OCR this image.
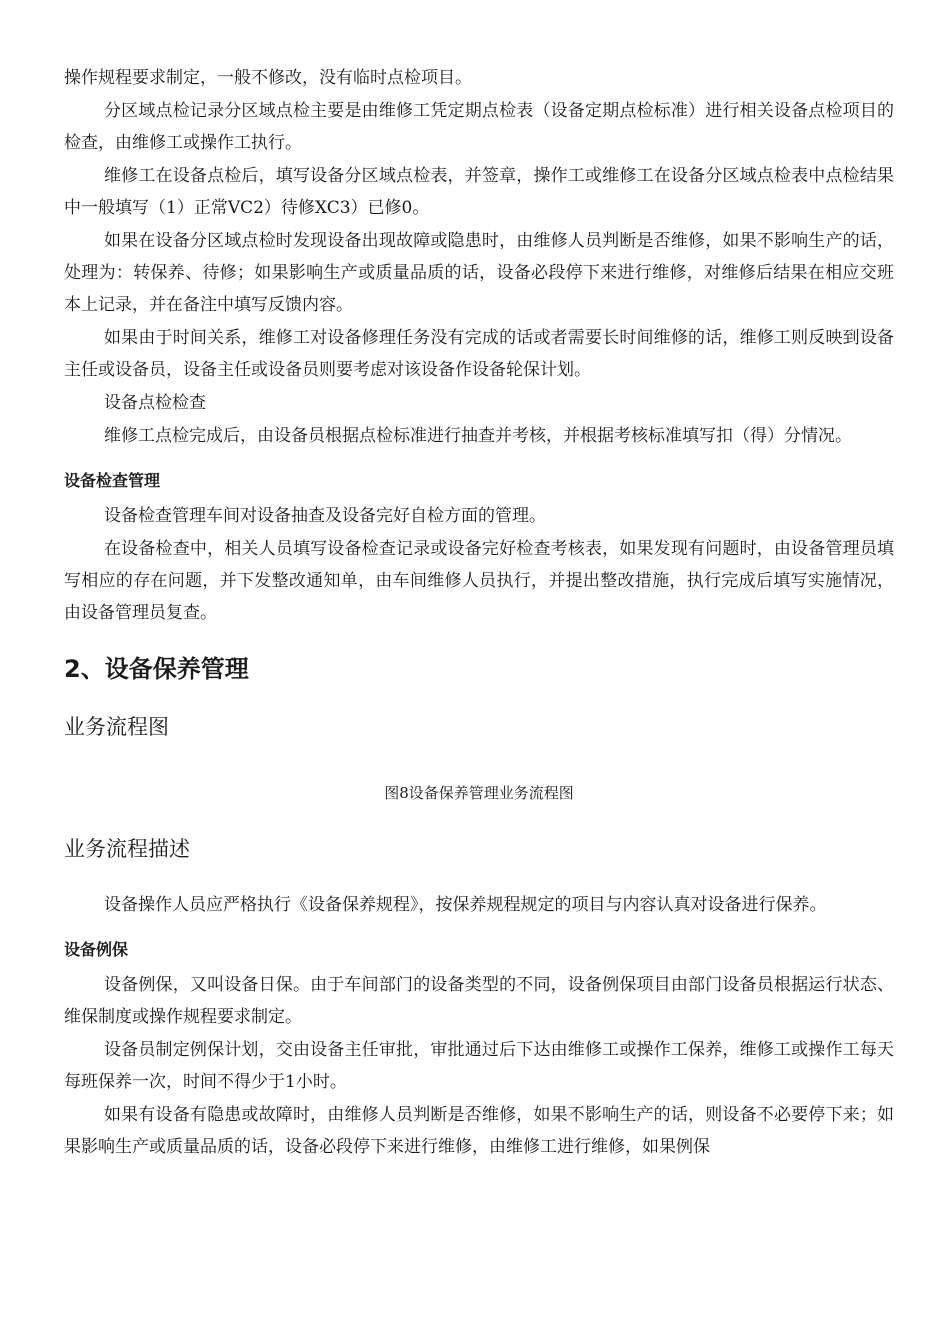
操作规程要求制定，一般不修改，没有临时点检项目。

分区域点检记录分区域点检主要是由维修工凭定期点检表（设备定期点检标准）进行相关设备点检项目的检查，由维修工或操作工执行。

维修工在设备点检后，填写设备分区域点检表，并签章，操作工或维修工在设备分区域点检表中点检结果中一般填写（1）正常VC2）待修XC3）已修0。

如果在设备分区域点检时发现设备出现故障或隐患时，由维修人员判断是否维修，如果不影响生产的话，处理为：转保养、待修；如果影响生产或质量品质的话，设备必段停下来进行维修，对维修后结果在相应交班本上记录，并在备注中填写反馈内容。

如果由于时间关系，维修工对设备修理任务没有完成的话或者需要长时间维修的话，维修工则反映到设备主任或设备员，设备主任或设备员则要考虑对该设备作设备轮保计划。

设备点检检查

维修工点检完成后，由设备员根据点检标准进行抽查并考核，并根据考核标准填写扣（得）分情况。

设备检查管理

设备检查管理车间对设备抽查及设备完好自检方面的管理。

在设备检查中，相关人员填写设备检查记录或设备完好检查考核表，如果发现有问题时，由设备管理员填写相应的存在问题，并下发整改通知单，由车间维修人员执行，并提出整改措施，执行完成后填写实施情况，由设备管理员复查。

2、设备保养管理
业务流程图
图8设备保养管理业务流程图
业务流程描述

设备操作人员应严格执行《设备保养规程》，按保养规程规定的项目与内容认真对设备进行保养。

设备例保

设备例保，又叫设备日保。由于车间部门的设备类型的不同，设备例保项目由部门设备员根据运行状态、维保制度或操作规程要求制定。

设备员制定例保计划，交由设备主任审批，审批通过后下达由维修工或操作工保养，维修工或操作工每天每班保养一次，时间不得少于1小时。

如果有设备有隐患或故障时，由维修人员判断是否维修，如果不影响生产的话，则设备不必要停下来；如果影响生产或质量品质的话，设备必段停下来进行维修，由维修工进行维修，如果例保
